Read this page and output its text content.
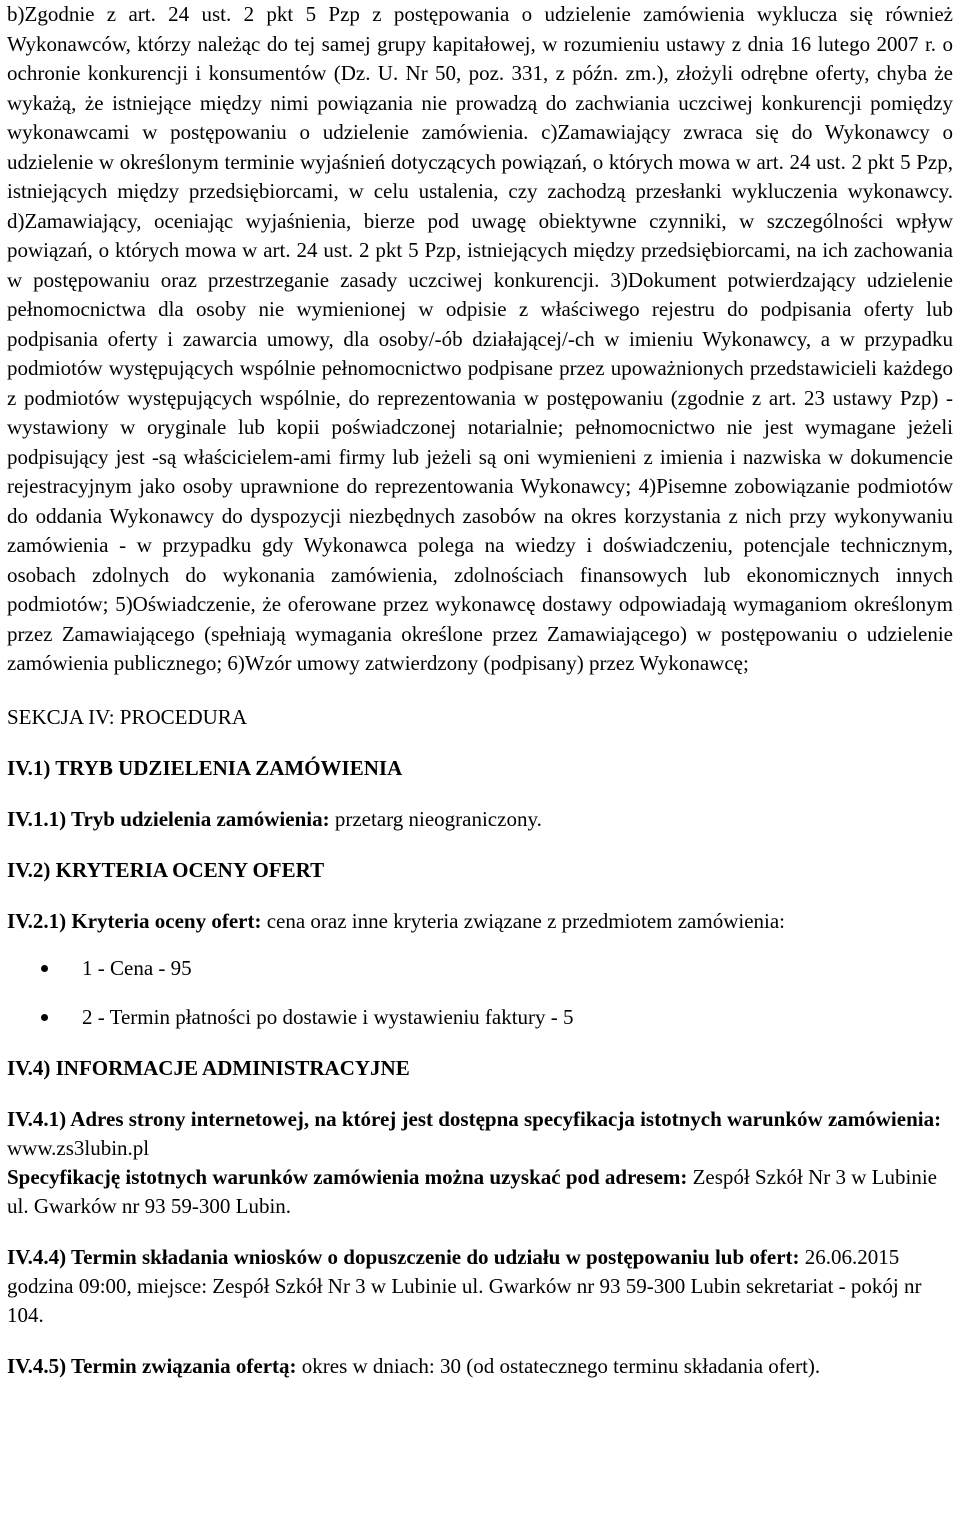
b)Zgodnie z art. 24 ust. 2 pkt 5 Pzp z postępowania o udzielenie zamówienia wyklucza się również Wykonawców, którzy należąc do tej samej grupy kapitałowej, w rozumieniu ustawy z dnia 16 lutego 2007 r. o ochronie konkurencji i konsumentów (Dz. U. Nr 50, poz. 331, z późn. zm.), złożyli odrębne oferty, chyba że wykażą, że istniejące między nimi powiązania nie prowadzą do zachwiania uczciwej konkurencji pomiędzy wykonawcami w postępowaniu o udzielenie zamówienia. c)Zamawiający zwraca się do Wykonawcy o udzielenie w określonym terminie wyjaśnień dotyczących powiązań, o których mowa w art. 24 ust. 2 pkt 5 Pzp, istniejących między przedsiębiorcami, w celu ustalenia, czy zachodzą przesłanki wykluczenia wykonawcy. d)Zamawiający, oceniając wyjaśnienia, bierze pod uwagę obiektywne czynniki, w szczególności wpływ powiązań, o których mowa w art. 24 ust. 2 pkt 5 Pzp, istniejących między przedsiębiorcami, na ich zachowania w postępowaniu oraz przestrzeganie zasady uczciwej konkurencji. 3)Dokument potwierdzający udzielenie pełnomocnictwa dla osoby nie wymienionej w odpisie z właściwego rejestru do podpisania oferty lub podpisania oferty i zawarcia umowy, dla osoby/-ób działającej/-ch w imieniu Wykonawcy, a w przypadku podmiotów występujących wspólnie pełnomocnictwo podpisane przez upoważnionych przedstawicieli każdego z podmiotów występujących wspólnie, do reprezentowania w postępowaniu (zgodnie z art. 23 ustawy Pzp) - wystawiony w oryginale lub kopii poświadczonej notarialnie; pełnomocnictwo nie jest wymagane jeżeli podpisujący jest -są właścicielem-ami firmy lub jeżeli są oni wymienieni z imienia i nazwiska w dokumencie rejestracyjnym jako osoby uprawnione do reprezentowania Wykonawcy; 4)Pisemne zobowiązanie podmiotów do oddania Wykonawcy do dyspozycji niezbędnych zasobów na okres korzystania z nich przy wykonywaniu zamówienia - w przypadku gdy Wykonawca polega na wiedzy i doświadczeniu, potencjale technicznym, osobach zdolnych do wykonania zamówienia, zdolnościach finansowych lub ekonomicznych innych podmiotów; 5)Oświadczenie, że oferowane przez wykonawcę dostawy odpowiadają wymaganiom określonym przez Zamawiającego (spełniają wymagania określone przez Zamawiającego) w postępowaniu o udzielenie zamówienia publicznego; 6)Wzór umowy zatwierdzony (podpisany) przez Wykonawcę;

SEKCJA IV: PROCEDURA

IV.1) TRYB UDZIELENIA ZAMÓWIENIA

IV.1.1) Tryb udzielenia zamówienia: przetarg nieograniczony.

IV.2) KRYTERIA OCENY OFERT

IV.2.1) Kryteria oceny ofert: cena oraz inne kryteria związane z przedmiotem zamówienia:

1 - Cena - 95
2 - Termin płatności po dostawie i wystawieniu faktury - 5
IV.4) INFORMACJE ADMINISTRACYJNE

IV.4.1) Adres strony internetowej, na której jest dostępna specyfikacja istotnych warunków zamówienia: www.zs3lubin.pl

Specyfikację istotnych warunków zamówienia można uzyskać pod adresem: Zespół Szkół Nr 3 w Lubinie ul. Gwarków nr 93 59-300 Lubin.

IV.4.4) Termin składania wniosków o dopuszczenie do udziału w postępowaniu lub ofert: 26.06.2015 godzina 09:00, miejsce: Zespół Szkół Nr 3 w Lubinie ul. Gwarków nr 93 59-300 Lubin sekretariat - pokój nr 104.

IV.4.5) Termin związania ofertą: okres w dniach: 30 (od ostatecznego terminu składania ofert).
